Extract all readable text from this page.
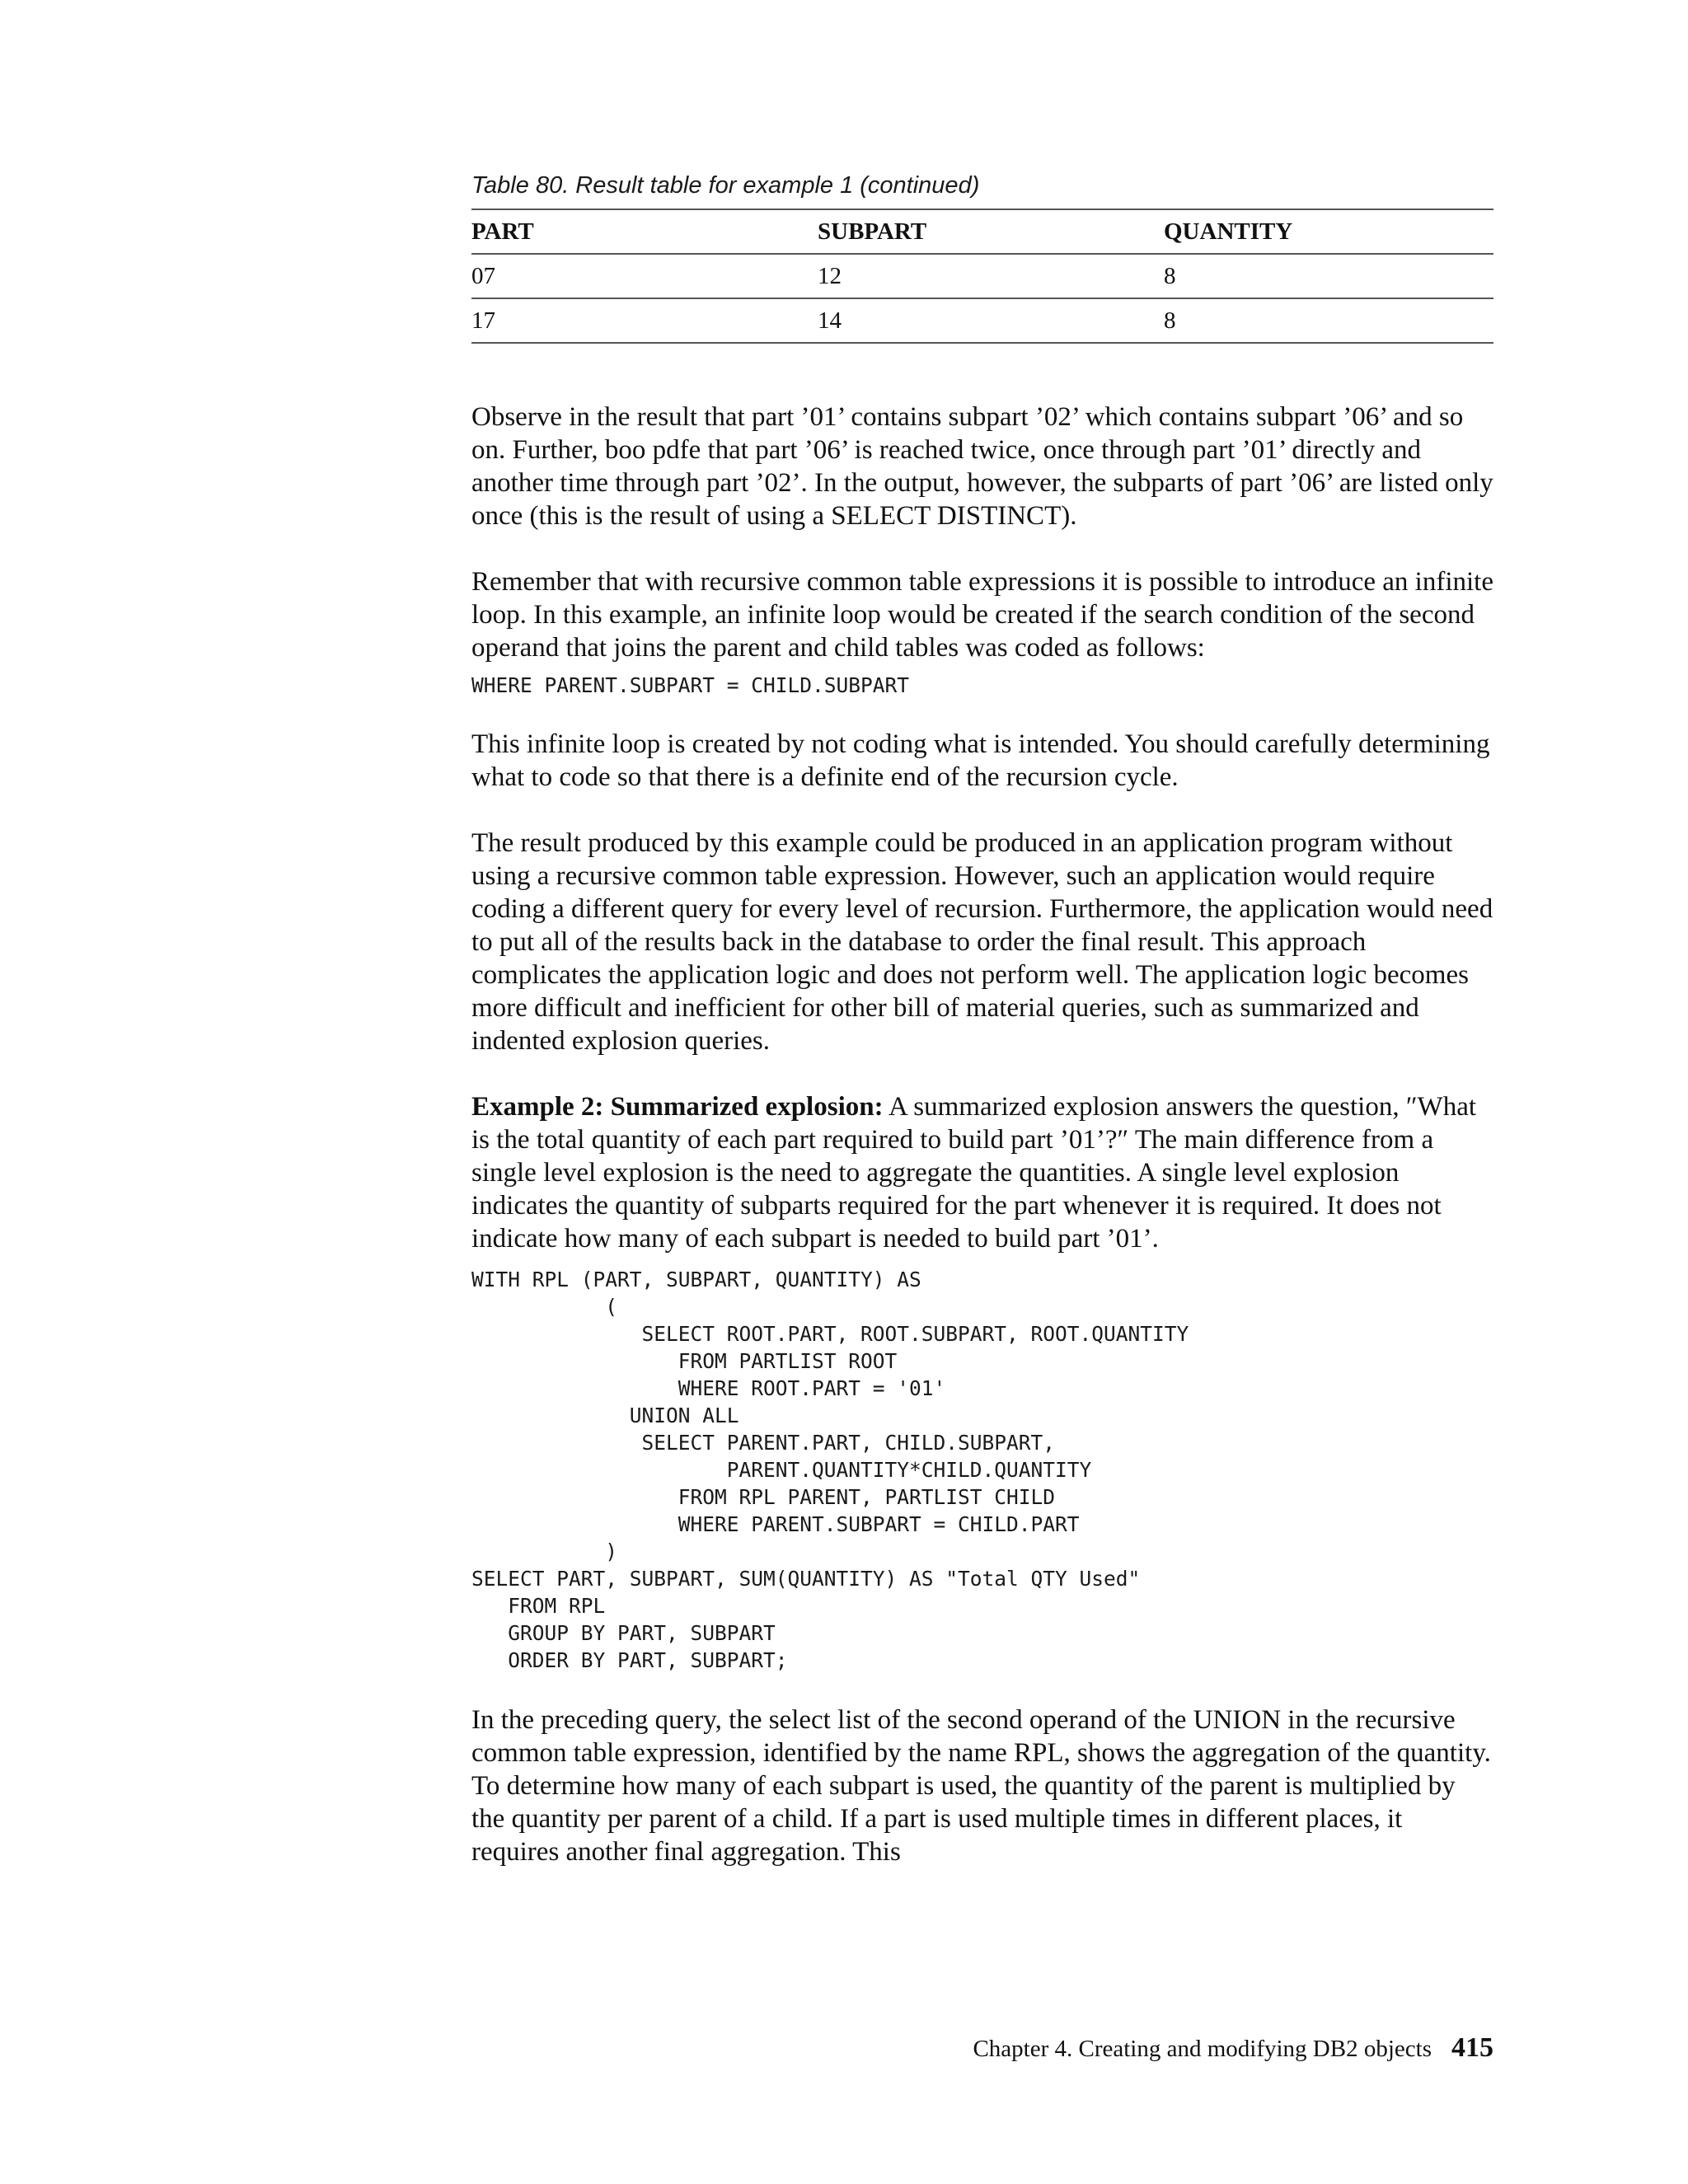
Table 80. Result table for example 1 (continued)
PART	SUBPART	QUANTITY
07	12	8
17	14	8

Observe in the result that part ’01’ contains subpart ’02’ which contains subpart ’06’ and so on. Further, boo pdfe that part ’06’ is reached twice, once through part ’01’ directly and another time through part ’02’. In the output, however, the subparts of part ’06’ are listed only once (this is the result of using a SELECT DISTINCT).

Remember that with recursive common table expressions it is possible to introduce an infinite loop. In this example, an infinite loop would be created if the search condition of the second operand that joins the parent and child tables was coded as follows:

WHERE PARENT.SUBPART = CHILD.SUBPART

This infinite loop is created by not coding what is intended. You should carefully determining what to code so that there is a definite end of the recursion cycle.

The result produced by this example could be produced in an application program without using a recursive common table expression. However, such an application would require coding a different query for every level of recursion. Furthermore, the application would need to put all of the results back in the database to order the final result. This approach complicates the application logic and does not perform well. The application logic becomes more difficult and inefficient for other bill of material queries, such as summarized and indented explosion queries.

Example 2: Summarized explosion: A summarized explosion answers the question, ″What is the total quantity of each part required to build part ’01’?″ The main difference from a single level explosion is the need to aggregate the quantities. A single level explosion indicates the quantity of subparts required for the part whenever it is required. It does not indicate how many of each subpart is needed to build part ’01’.

WITH RPL (PART, SUBPART, QUANTITY) AS
(
SELECT ROOT.PART, ROOT.SUBPART, ROOT.QUANTITY
FROM PARTLIST ROOT
WHERE ROOT.PART = '01'
UNION ALL
SELECT PARENT.PART, CHILD.SUBPART,
PARENT.QUANTITY*CHILD.QUANTITY
FROM RPL PARENT, PARTLIST CHILD
WHERE PARENT.SUBPART = CHILD.PART
)
SELECT PART, SUBPART, SUM(QUANTITY) AS "Total QTY Used"
FROM RPL
GROUP BY PART, SUBPART
ORDER BY PART, SUBPART;

In the preceding query, the select list of the second operand of the UNION in the recursive common table expression, identified by the name RPL, shows the aggregation of the quantity. To determine how many of each subpart is used, the quantity of the parent is multiplied by the quantity per parent of a child. If a part is used multiple times in different places, it requires another final aggregation. This

Chapter 4. Creating and modifying DB2 objects 415
